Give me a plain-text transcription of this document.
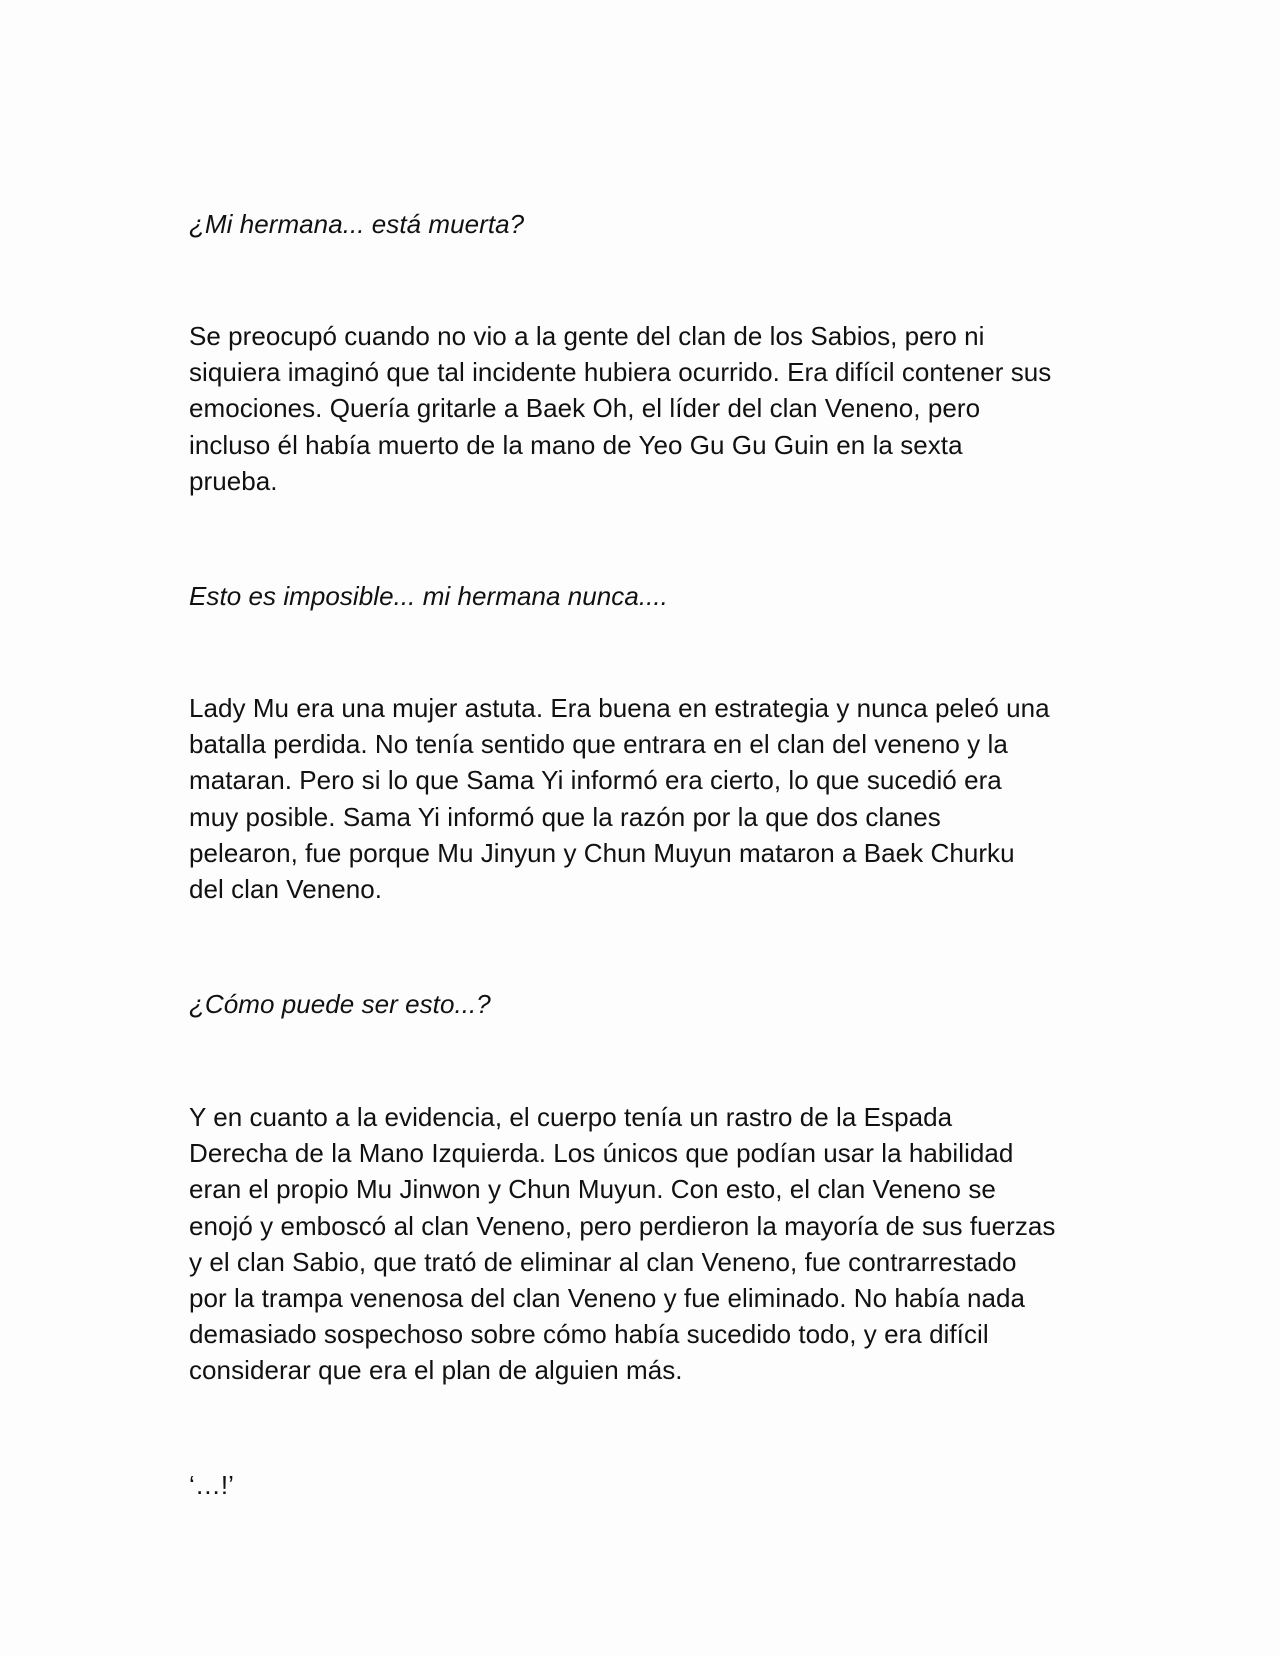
¿Mi hermana... está muerta?

Se preocupó cuando no vio a la gente del clan de los Sabios, pero ni
siquiera imaginó que tal incidente hubiera ocurrido. Era difícil contener sus
emociones. Quería gritarle a Baek Oh, el líder del clan Veneno, pero
incluso él había muerto de la mano de Yeo Gu Gu Guin en la sexta
prueba.

Esto es imposible... mi hermana nunca....

Lady Mu era una mujer astuta. Era buena en estrategia y nunca peleó una
batalla perdida. No tenía sentido que entrara en el clan del veneno y la
mataran. Pero si lo que Sama Yi informó era cierto, lo que sucedió era
muy posible. Sama Yi informó que la razón por la que dos clanes
pelearon, fue porque Mu Jinyun y Chun Muyun mataron a Baek Churku
del clan Veneno.

¿Cómo puede ser esto...?

Y en cuanto a la evidencia, el cuerpo tenía un rastro de la Espada
Derecha de la Mano Izquierda. Los únicos que podían usar la habilidad
eran el propio Mu Jinwon y Chun Muyun. Con esto, el clan Veneno se
enojó y emboscó al clan Veneno, pero perdieron la mayoría de sus fuerzas
y el clan Sabio, que trató de eliminar al clan Veneno, fue contrarrestado
por la trampa venenosa del clan Veneno y fue eliminado. No había nada
demasiado sospechoso sobre cómo había sucedido todo, y era difícil
considerar que era el plan de alguien más.

‘…!’
